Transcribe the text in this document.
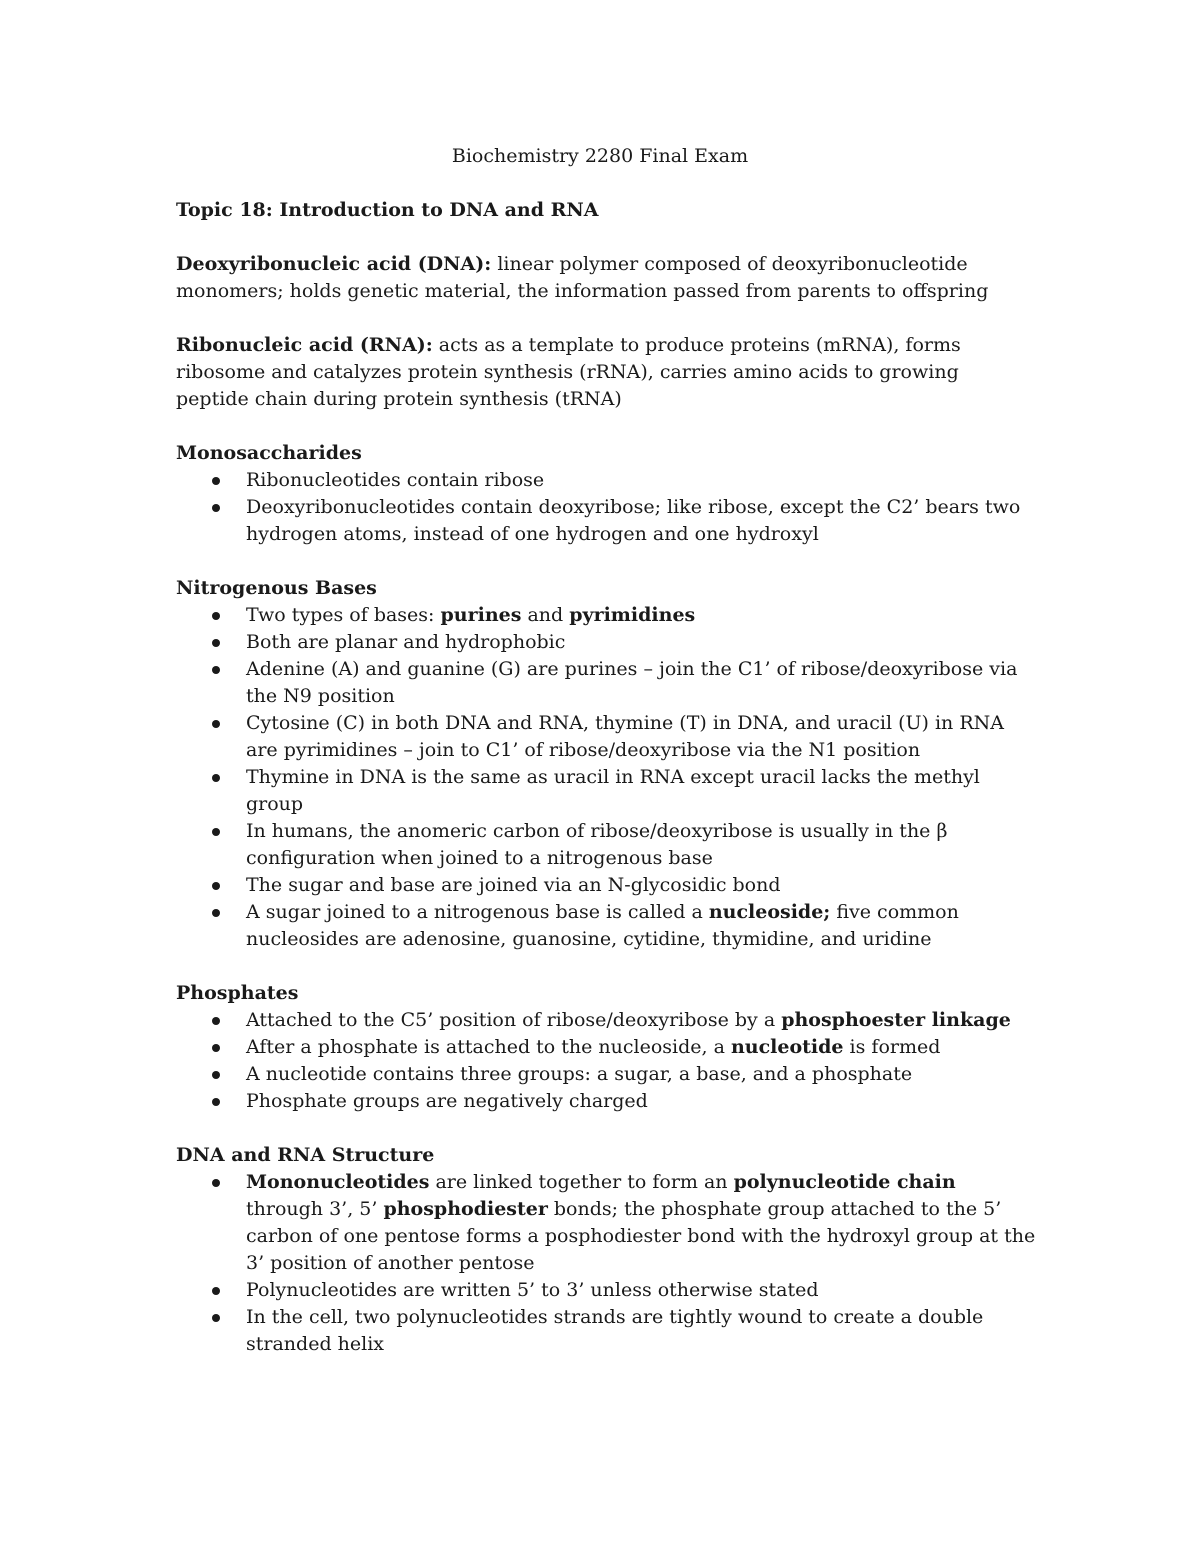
Biochemistry 2280 Final Exam

Topic 18: Introduction to DNA and RNA

Deoxyribonucleic acid (DNA): linear polymer composed of deoxyribonucleotide monomers; holds genetic material, the information passed from parents to offspring

Ribonucleic acid (RNA): acts as a template to produce proteins (mRNA), forms ribosome and catalyzes protein synthesis (rRNA), carries amino acids to growing peptide chain during protein synthesis (tRNA)

Monosaccharides

Ribonucleotides contain ribose
Deoxyribonucleotides contain deoxyribose; like ribose, except the C2’ bears two hydrogen atoms, instead of one hydrogen and one hydroxyl

Nitrogenous Bases

Two types of bases: purines and pyrimidines
Both are planar and hydrophobic
Adenine (A) and guanine (G) are purines – join the C1’ of ribose/deoxyribose via the N9 position
Cytosine (C) in both DNA and RNA, thymine (T) in DNA, and uracil (U) in RNA are pyrimidines – join to C1’ of ribose/deoxyribose via the N1 position
Thymine in DNA is the same as uracil in RNA except uracil lacks the methyl group
In humans, the anomeric carbon of ribose/deoxyribose is usually in the β configuration when joined to a nitrogenous base
The sugar and base are joined via an N-glycosidic bond
A sugar joined to a nitrogenous base is called a nucleoside; five common nucleosides are adenosine, guanosine, cytidine, thymidine, and uridine

Phosphates

Attached to the C5’ position of ribose/deoxyribose by a phosphoester linkage
After a phosphate is attached to the nucleoside, a nucleotide is formed
A nucleotide contains three groups: a sugar, a base, and a phosphate
Phosphate groups are negatively charged

DNA and RNA Structure

Mononucleotides are linked together to form an polynucleotide chain through 3’, 5’ phosphodiester bonds; the phosphate group attached to the 5’ carbon of one pentose forms a posphodiester bond with the hydroxyl group at the 3’ position of another pentose
Polynucleotides are written 5’ to 3’ unless otherwise stated
In the cell, two polynucleotides strands are tightly wound to create a double stranded helix
